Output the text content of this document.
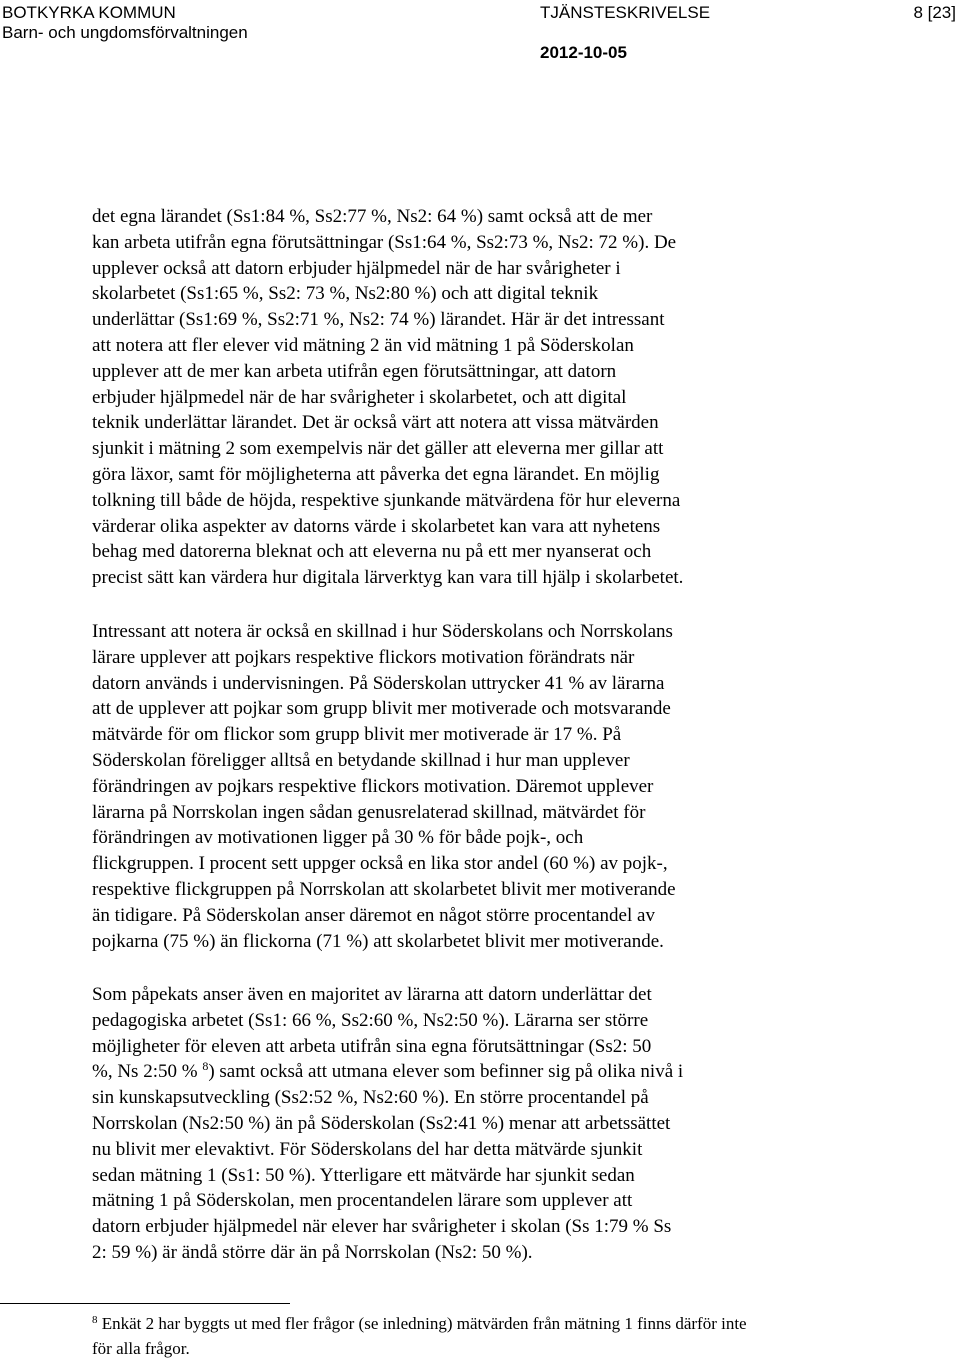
BOTKYRKA KOMMUN
Barn- och ungdomsförvaltningen
TJÄNSTESKRIVELSE	8 [23]
2012-10-05
det egna lärandet (Ss1:84 %, Ss2:77 %, Ns2: 64 %) samt också att de mer
kan arbeta utifrån egna förutsättningar (Ss1:64 %, Ss2:73 %, Ns2: 72 %). De
upplever också att datorn erbjuder hjälpmedel när de har svårigheter i
skolarbetet (Ss1:65 %, Ss2: 73 %, Ns2:80 %) och att digital teknik
underlättar (Ss1:69 %, Ss2:71 %, Ns2: 74 %) lärandet. Här är det intressant
att notera att fler elever vid mätning 2 än vid mätning 1 på Söderskolan
upplever att de mer kan arbeta utifrån egen förutsättningar, att datorn
erbjuder hjälpmedel när de har svårigheter i skolarbetet, och att digital
teknik underlättar lärandet. Det är också värt att notera att vissa mätvärden
sjunkit i mätning 2 som exempelvis när det gäller att eleverna mer gillar att
göra läxor, samt för möjligheterna att påverka det egna lärandet. En möjlig
tolkning till både de höjda, respektive sjunkande mätvärdena för hur eleverna
värderar olika aspekter av datorns värde i skolarbetet kan vara att nyhetens
behag med datorerna bleknat och att eleverna nu på ett mer nyanserat och
precist sätt kan värdera hur digitala lärverktyg kan vara till hjälp i skolarbetet.
Intressant att notera är också en skillnad i hur Söderskolans och Norrskolans
lärare upplever att pojkars respektive flickors motivation förändrats när
datorn används i undervisningen. På Söderskolan uttrycker 41 % av lärarna
att de upplever att pojkar som grupp blivit mer motiverade och motsvarande
mätvärde för om flickor som grupp blivit mer motiverade är 17 %. På
Söderskolan föreligger alltså en betydande skillnad i hur man upplever
förändringen av pojkars respektive flickors motivation. Däremot upplever
lärarna på Norrskolan ingen sådan genusrelaterad skillnad, mätvärdet för
förändringen av motivationen ligger på 30 % för både pojk-, och
flickgruppen. I procent sett uppger också en lika stor andel (60 %) av pojk-,
respektive flickgruppen på Norrskolan att skolarbetet blivit mer motiverande
än tidigare. På Söderskolan anser däremot en något större procentandel av
pojkarna (75 %) än flickorna (71 %) att skolarbetet blivit mer motiverande.
Som påpekats anser även en majoritet av lärarna att datorn underlättar det
pedagogiska arbetet (Ss1: 66 %, Ss2:60 %, Ns2:50 %). Lärarna ser större
möjligheter för eleven att arbeta utifrån sina egna förutsättningar (Ss2: 50
%, Ns 2:50 % $^8$) samt också att utmana elever som befinner sig på olika nivå i
sin kunskapsutveckling (Ss2:52 %, Ns2:60 %). En större procentandel på
Norrskolan (Ns2:50 %) än på Söderskolan (Ss2:41 %) menar att arbetssättet
nu blivit mer elevaktivt. För Söderskolans del har detta mätvärde sjunkit
sedan mätning 1 (Ss1: 50 %). Ytterligare ett mätvärde har sjunkit sedan
mätning 1 på Söderskolan, men procentandelen lärare som upplever att
datorn erbjuder hjälpmedel när elever har svårigheter i skolan (Ss 1:79 % Ss
2: 59 %) är ändå större där än på Norrskolan (Ns2: 50 %).
$^8$ Enkät 2 har byggts ut med fler frågor (se inledning) mätvärden från mätning 1 finns därför inte
för alla frågor.
